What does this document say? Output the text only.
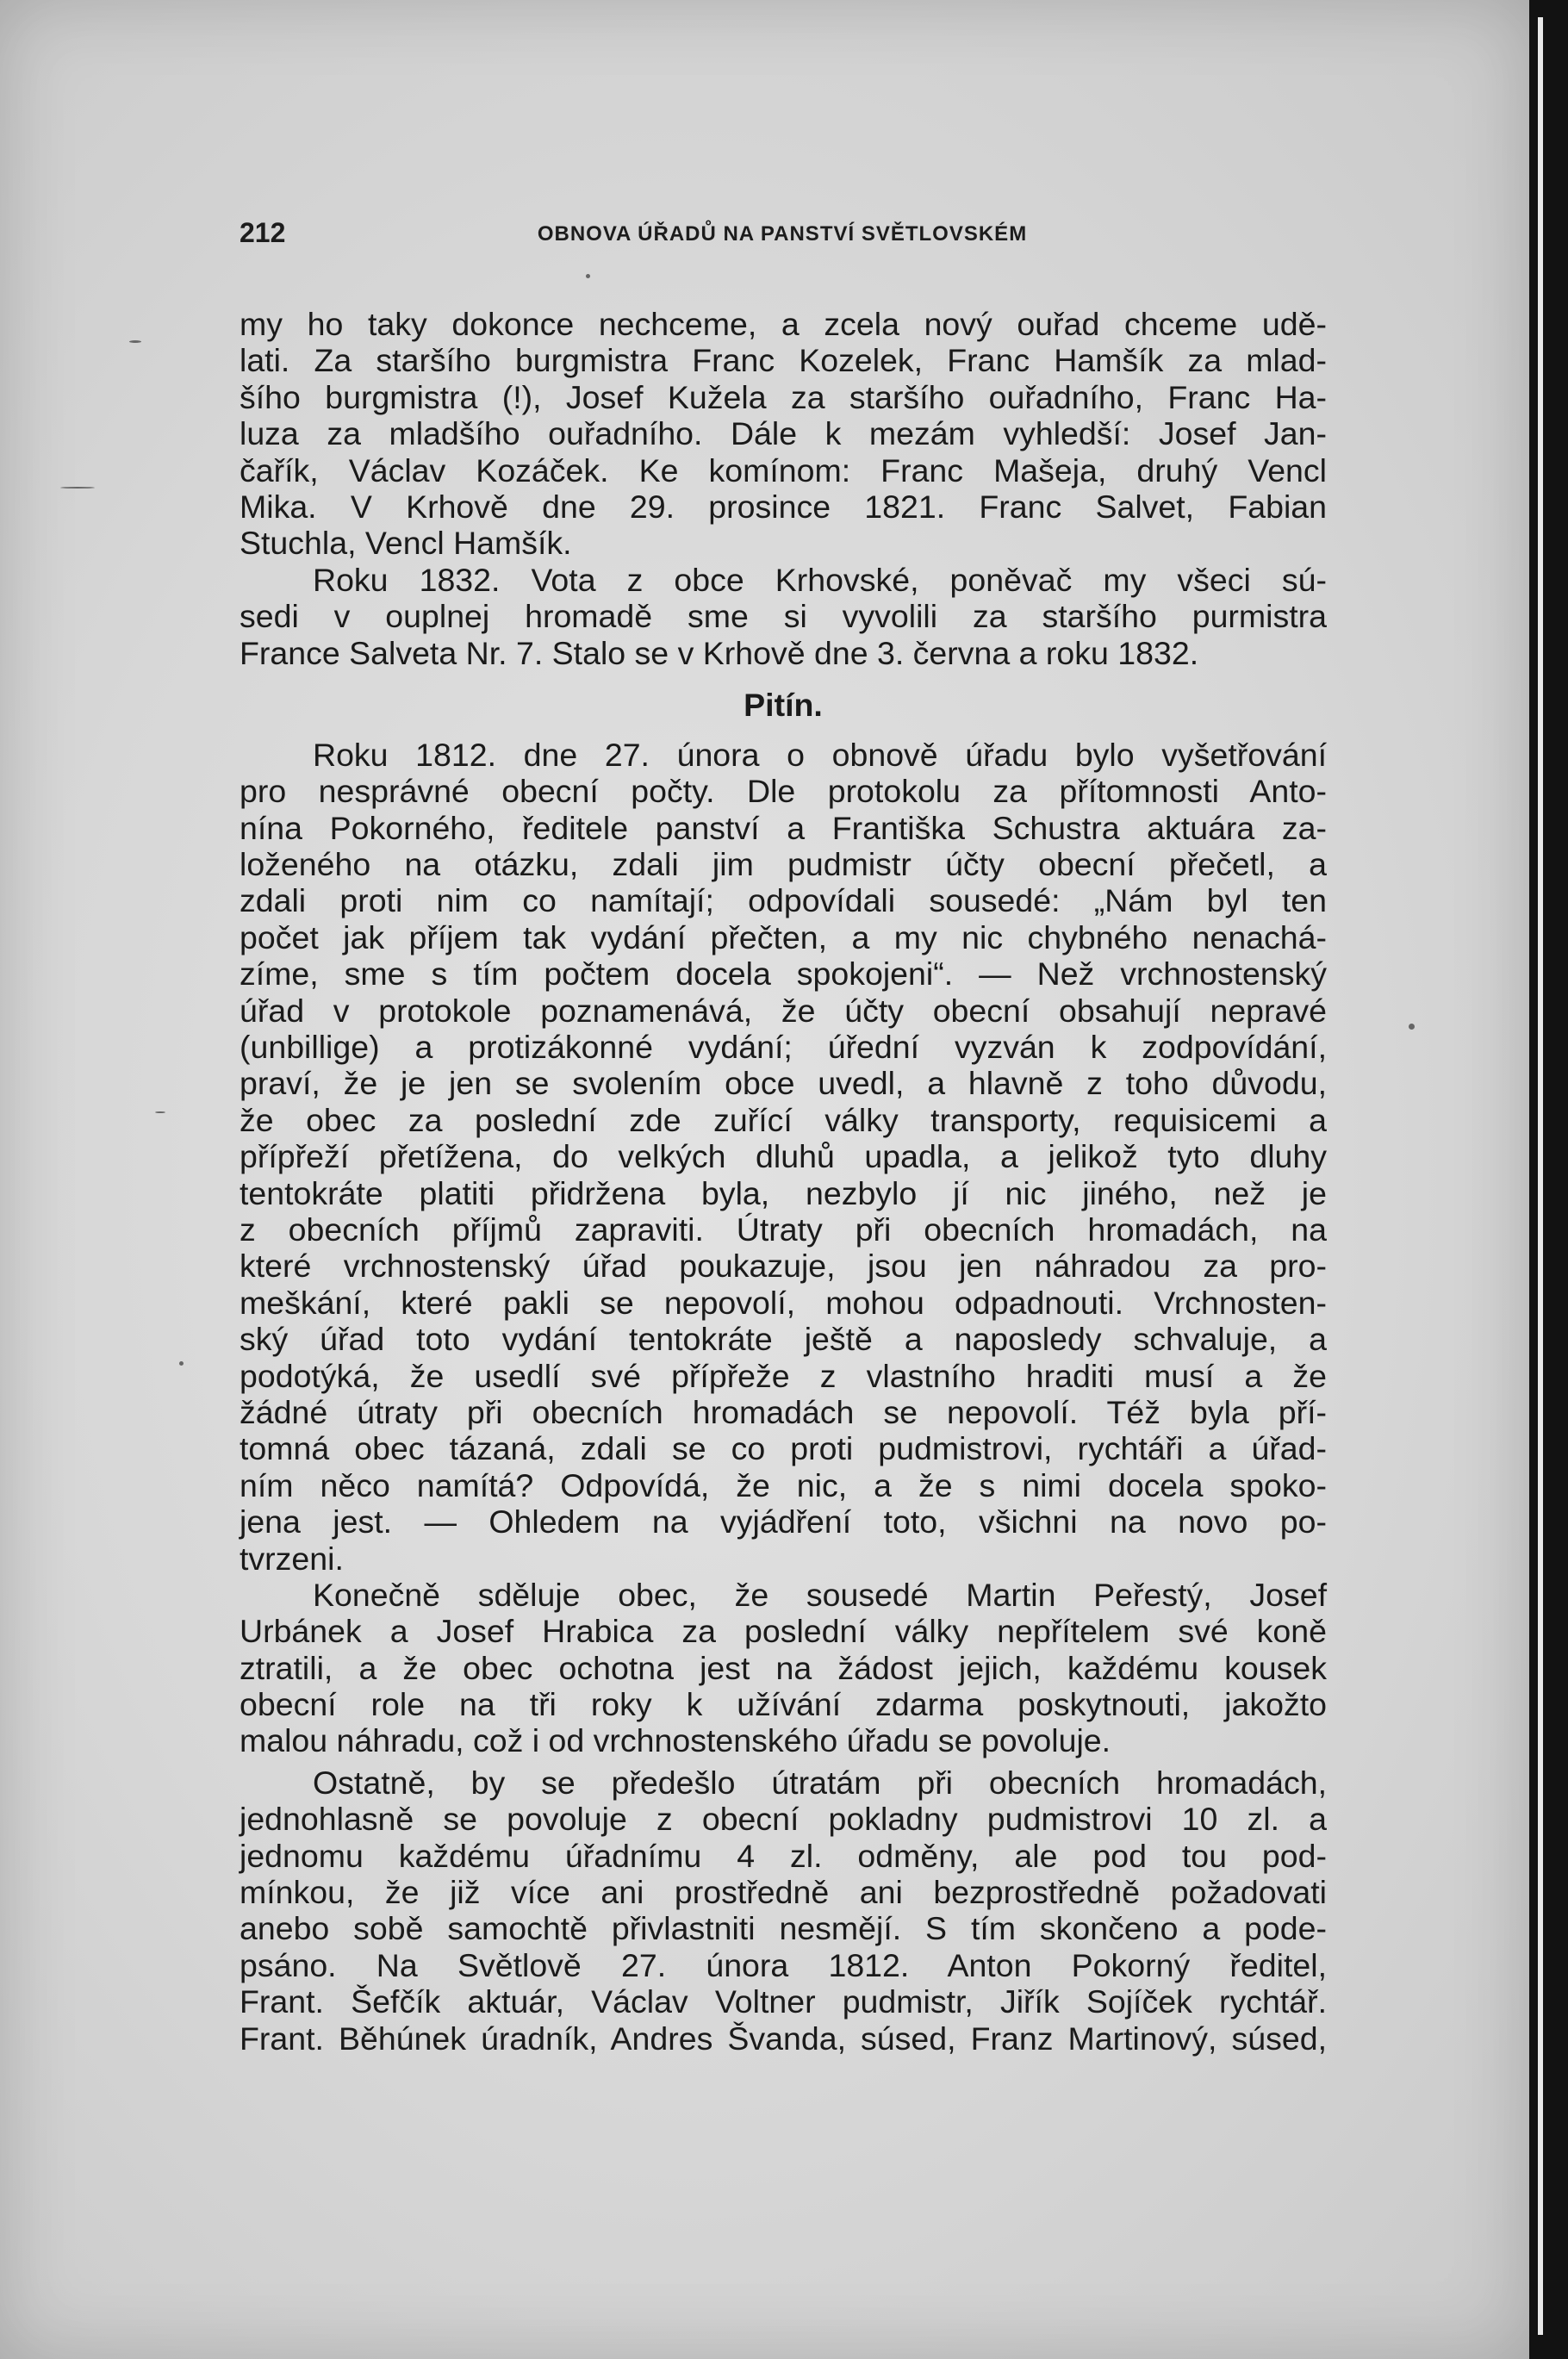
212	OBNOVA ÚŘADŮ NA PANSTVÍ SVĚTLOVSKÉM
my ho taky dokonce nechceme, a zcela nový ouřad chceme udě-
lati. Za staršího burgmistra Franc Kozelek, Franc Hamšík za mlad-
šího burgmistra (!), Josef Kužela za staršího ouřadního, Franc Ha-
luza za mladšího ouřadního. Dále k mezám vyhledší: Josef Jan-
čařík, Václav Kozáček. Ke komínom: Franc Mašeja, druhý Vencl
Mika. V Krhově dne 29. prosince 1821. Franc Salvet, Fabian
Stuchla, Vencl Hamšík.
Roku 1832. Vota z obce Krhovské, poněvač my všeci sú-
sedi v ouplnej hromadě sme si vyvolili za staršího purmistra
France Salveta Nr. 7. Stalo se v Krhově dne 3. června a roku 1832.
Pitín.
Roku 1812. dne 27. února o obnově úřadu bylo vyšetřování
pro nesprávné obecní počty. Dle protokolu za přítomnosti Anto-
nína Pokorného, ředitele panství a Františka Schustra aktuára za-
loženého na otázku, zdali jim pudmistr účty obecní přečetl, a
zdali proti nim co namítají; odpovídali sousedé: „Nám byl ten
počet jak příjem tak vydání přečten, a my nic chybného nenachá-
zíme, sme s tím počtem docela spokojeni“. — Než vrchnostenský
úřad v protokole poznamenává, že účty obecní obsahují nepravé
(unbillige) a protizákonné vydání; úřední vyzván k zodpovídání,
praví, že je jen se svolením obce uvedl, a hlavně z toho důvodu,
že obec za poslední zde zuřící války transporty, requisicemi a
přípřeží přetížena, do velkých dluhů upadla, a jelikož tyto dluhy
tentokráte platiti přidržena byla, nezbylo jí nic jiného, než je
z obecních příjmů zapraviti. Útraty při obecních hromadách, na
které vrchnostenský úřad poukazuje, jsou jen náhradou za pro-
meškání, které pakli se nepovolí, mohou odpadnouti. Vrchnosten-
ský úřad toto vydání tentokráte ještě a naposledy schvaluje, a
podotýká, že usedlí své přípřeže z vlastního hraditi musí a že
žádné útraty při obecních hromadách se nepovolí. Též byla pří-
tomná obec tázaná, zdali se co proti pudmistrovi, rychtáři a úřad-
ním něco namítá? Odpovídá, že nic, a že s nimi docela spoko-
jena jest. — Ohledem na vyjádření toto, všichni na novo po-
tvrzeni.
Konečně sděluje obec, že sousedé Martin Peřestý, Josef
Urbánek a Josef Hrabica za poslední války nepřítelem své koně
ztratili, a že obec ochotna jest na žádost jejich, každému kousek
obecní role na tři roky k užívání zdarma poskytnouti, jakožto
malou náhradu, což i od vrchnostenského úřadu se povoluje.
Ostatně, by se předešlo útratám při obecních hromadách,
jednohlasně se povoluje z obecní pokladny pudmistrovi 10 zl. a
jednomu každému úřadnímu 4 zl. odměny, ale pod tou pod-
mínkou, že již více ani prostředně ani bezprostředně požadovati
anebo sobě samochtě přivlastniti nesmějí. S tím skončeno a podе-
psáno. Na Světlově 27. února 1812. Anton Pokorný ředitel,
Frant. Šefčík aktuár, Václav Voltner pudmistr, Jiřík Sojíček rychtář.
Frant. Běhúnek úradník, Andres Švanda, súsed, Franz Martinový, súsed,
